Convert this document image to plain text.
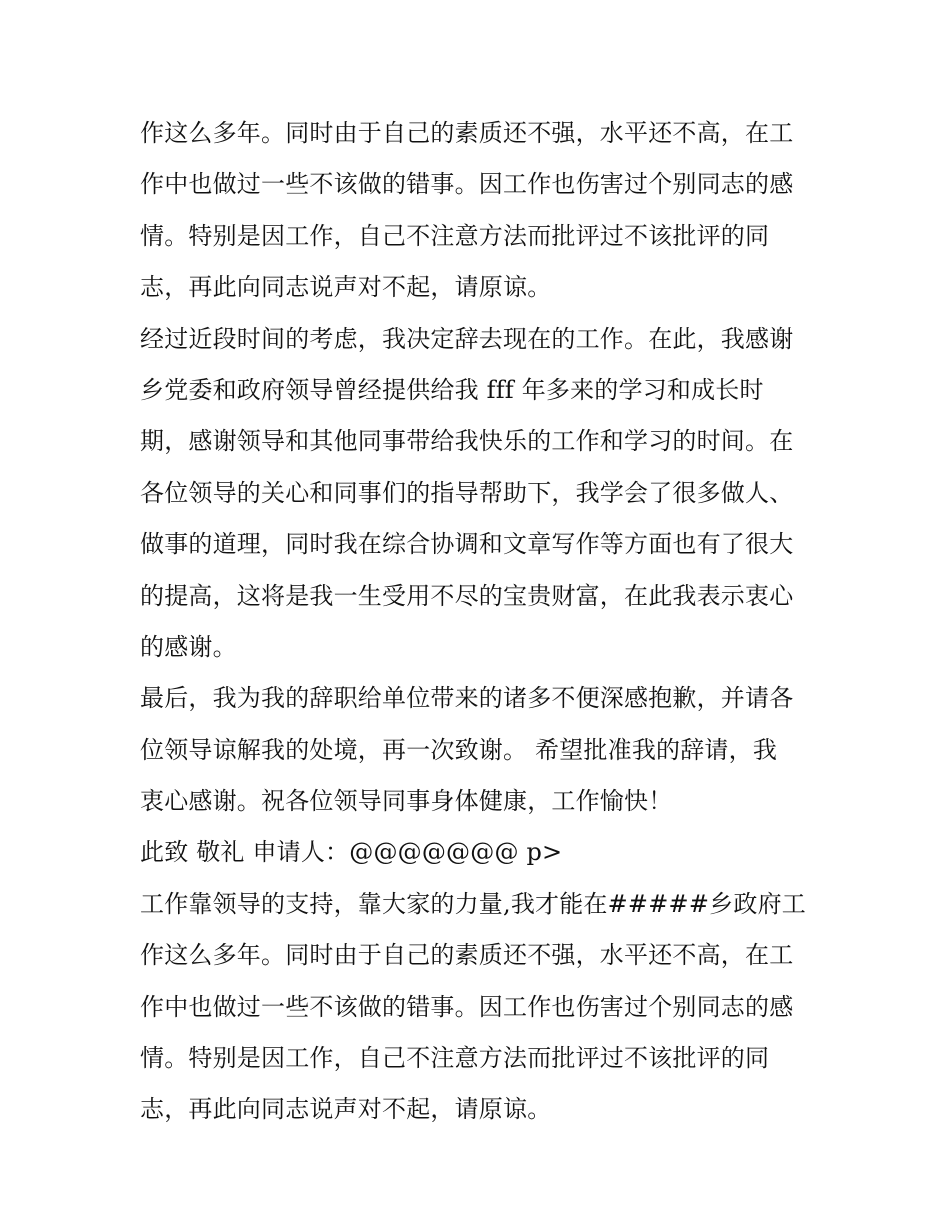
作这么多年。同时由于自己的素质还不强，水平还不高，在工
作中也做过一些不该做的错事。因工作也伤害过个别同志的感
情。特别是因工作，自己不注意方法而批评过不该批评的同
志，再此向同志说声对不起，请原谅。
经过近段时间的考虑，我决定辞去现在的工作。在此，我感谢
乡党委和政府领导曾经提供给我 fff 年多来的学习和成长时
期，感谢领导和其他同事带给我快乐的工作和学习的时间。在
各位领导的关心和同事们的指导帮助下，我学会了很多做人、
做事的道理，同时我在综合协调和文章写作等方面也有了很大
的提高，这将是我一生受用不尽的宝贵财富，在此我表示衷心
的感谢。
最后，我为我的辞职给单位带来的诸多不便深感抱歉，并请各
位领导谅解我的处境，再一次致谢。 希望批准我的辞请，我
衷心感谢。祝各位领导同事身体健康，工作愉快！
此致 敬礼 申请人：@@@@@@@ p>
工作靠领导的支持，靠大家的力量,我才能在#####乡政府工
作这么多年。同时由于自己的素质还不强，水平还不高，在工
作中也做过一些不该做的错事。因工作也伤害过个别同志的感
情。特别是因工作，自己不注意方法而批评过不该批评的同
志，再此向同志说声对不起，请原谅。
